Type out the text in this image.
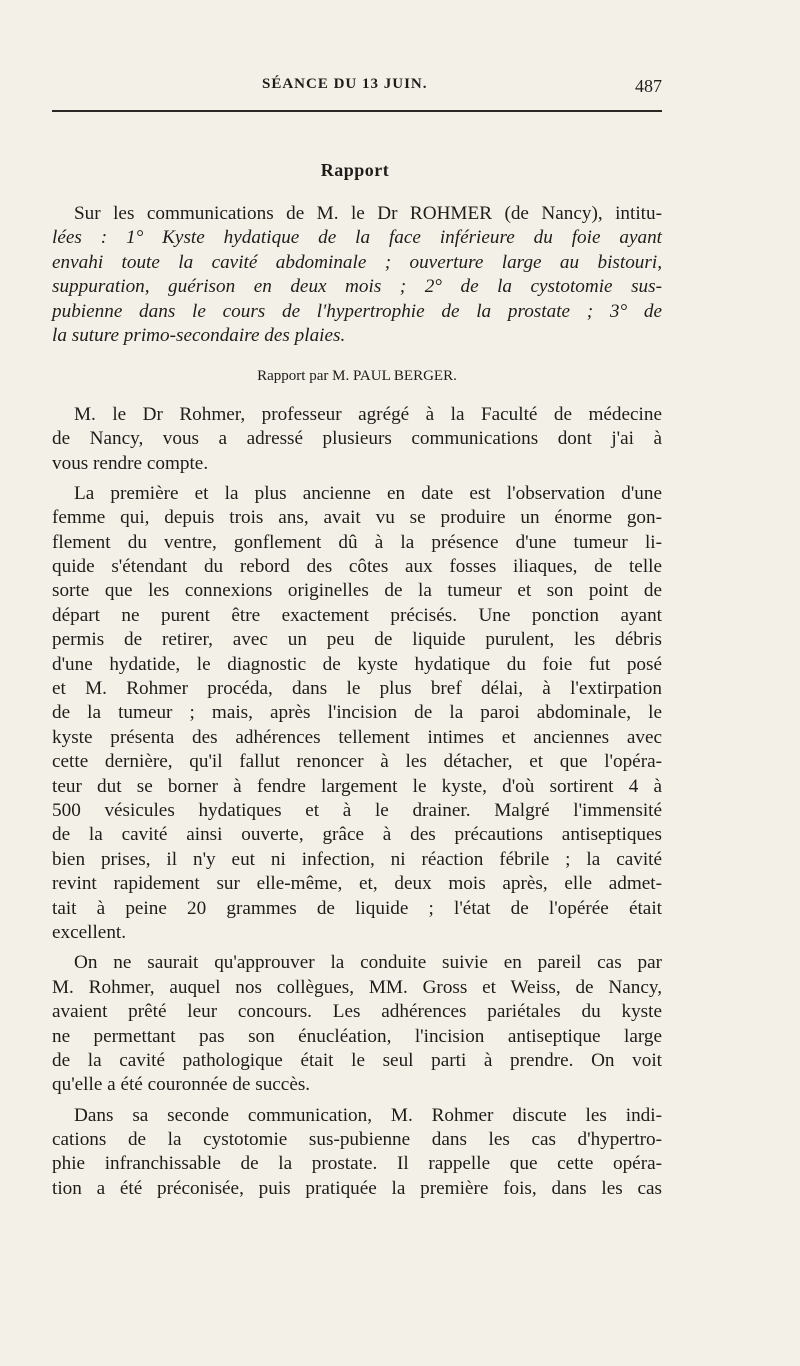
SÉANCE DU 13 JUIN.	487
Rapport
Sur les communications de M. le Dr ROHMER (de Nancy), intitu-
lées : 1° Kyste hydatique de la face inférieure du foie ayant
envahi toute la cavité abdominale ; ouverture large au bistouri,
suppuration, guérison en deux mois ; 2° de la cystotomie sus-
pubienne dans le cours de l'hypertrophie de la prostate ; 3° de
la suture primo-secondaire des plaies.
Rapport par M. PAUL BERGER.
M. le Dr Rohmer, professeur agrégé à la Faculté de médecine
de Nancy, vous a adressé plusieurs communications dont j'ai à
vous rendre compte.
La première et la plus ancienne en date est l'observation d'une
femme qui, depuis trois ans, avait vu se produire un énorme gon-
flement du ventre, gonflement dû à la présence d'une tumeur li-
quide s'étendant du rebord des côtes aux fosses iliaques, de telle
sorte que les connexions originelles de la tumeur et son point de
départ ne purent être exactement précisés. Une ponction ayant
permis de retirer, avec un peu de liquide purulent, les débris
d'une hydatide, le diagnostic de kyste hydatique du foie fut posé
et M. Rohmer procéda, dans le plus bref délai, à l'extirpation
de la tumeur ; mais, après l'incision de la paroi abdominale, le
kyste présenta des adhérences tellement intimes et anciennes avec
cette dernière, qu'il fallut renoncer à les détacher, et que l'opéra-
teur dut se borner à fendre largement le kyste, d'où sortirent 4 à
500 vésicules hydatiques et à le drainer. Malgré l'immensité
de la cavité ainsi ouverte, grâce à des précautions antiseptiques
bien prises, il n'y eut ni infection, ni réaction fébrile ; la cavité
revint rapidement sur elle-même, et, deux mois après, elle admet-
tait à peine 20 grammes de liquide ; l'état de l'opérée était
excellent.
On ne saurait qu'approuver la conduite suivie en pareil cas par
M. Rohmer, auquel nos collègues, MM. Gross et Weiss, de Nancy,
avaient prêté leur concours. Les adhérences pariétales du kyste
ne permettant pas son énucléation, l'incision antiseptique large
de la cavité pathologique était le seul parti à prendre. On voit
qu'elle a été couronnée de succès.
Dans sa seconde communication, M. Rohmer discute les indi-
cations de la cystotomie sus-pubienne dans les cas d'hypertro-
phie infranchissable de la prostate. Il rappelle que cette opéra-
tion a été préconisée, puis pratiquée la première fois, dans les cas
